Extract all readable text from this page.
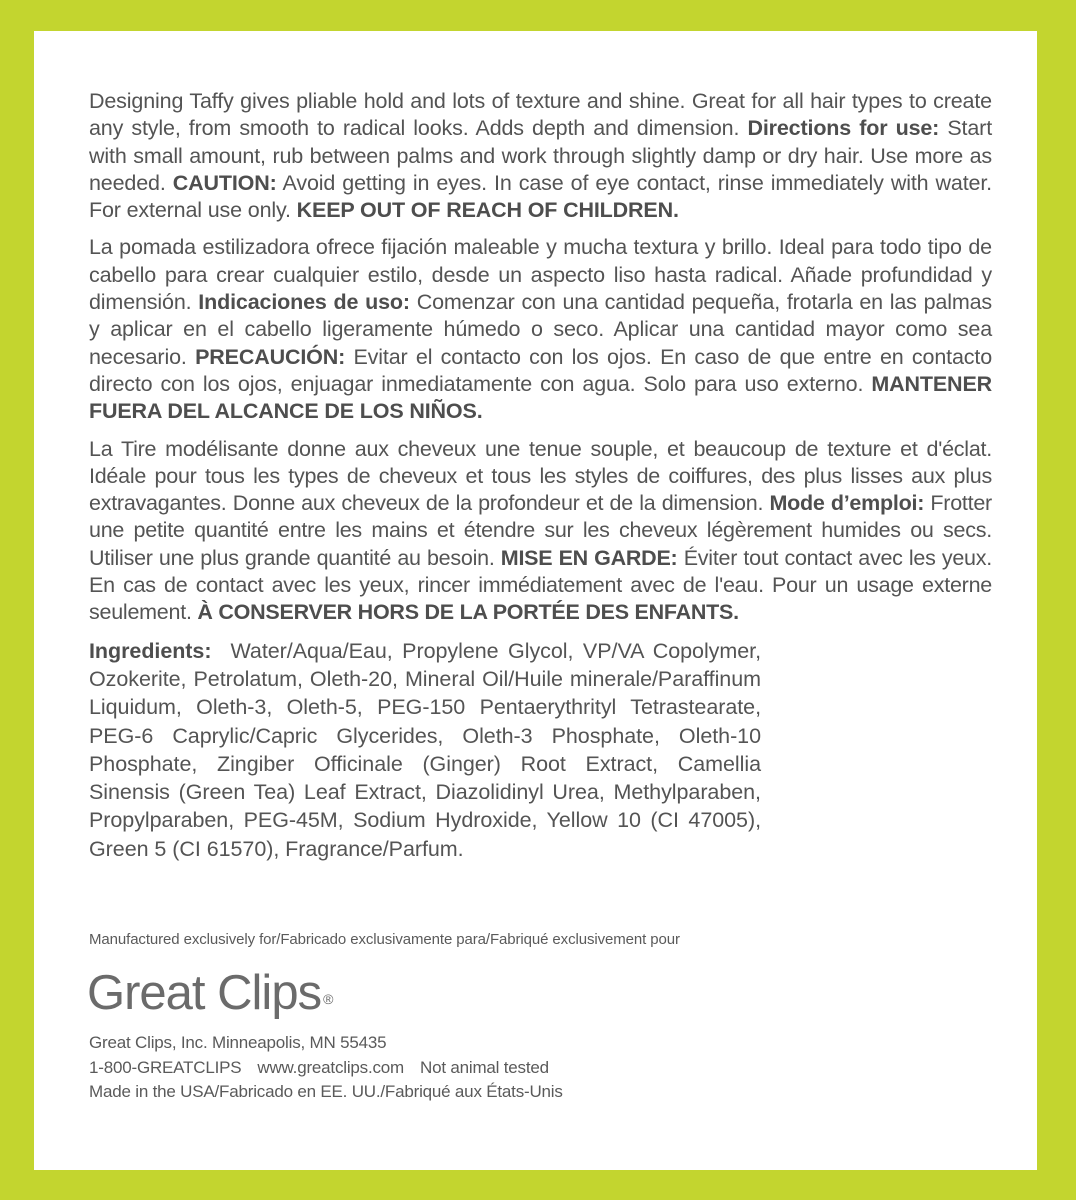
Designing Taffy gives pliable hold and lots of texture and shine. Great for all hair types to create any style, from smooth to radical looks. Adds depth and dimension. Directions for use: Start with small amount, rub between palms and work through slightly damp or dry hair. Use more as needed. CAUTION: Avoid getting in eyes. In case of eye contact, rinse immediately with water. For external use only. KEEP OUT OF REACH OF CHILDREN.

La pomada estilizadora ofrece fijación maleable y mucha textura y brillo. Ideal para todo tipo de cabello para crear cualquier estilo, desde un aspecto liso hasta radical. Añade profundidad y dimensión. Indicaciones de uso: Comenzar con una cantidad pequeña, frotarla en las palmas y aplicar en el cabello ligeramente húmedo o seco. Aplicar una cantidad mayor como sea necesario. PRECAUCIÓN: Evitar el contacto con los ojos. En caso de que entre en contacto directo con los ojos, enjuagar inmediatamente con agua. Solo para uso externo. MANTENER FUERA DEL ALCANCE DE LOS NIÑOS.

La Tire modélisante donne aux cheveux une tenue souple, et beaucoup de texture et d'éclat. Idéale pour tous les types de cheveux et tous les styles de coiffures, des plus lisses aux plus extravagantes. Donne aux cheveux de la profondeur et de la dimension. Mode d’emploi: Frotter une petite quantité entre les mains et étendre sur les cheveux légèrement humides ou secs. Utiliser une plus grande quantité au besoin. MISE EN GARDE: Éviter tout contact avec les yeux. En cas de contact avec les yeux, rincer immédiatement avec de l'eau. Pour un usage externe seulement. À CONSERVER HORS DE LA PORTÉE DES ENFANTS.

Ingredients: Water/Aqua/Eau, Propylene Glycol, VP/VA Copolymer, Ozokerite, Petrolatum, Oleth-20, Mineral Oil/Huile minerale/Paraffinum Liquidum, Oleth-3, Oleth-5, PEG-150 Pentaerythrityl Tetrastearate, PEG-6 Caprylic/Capric Glycerides, Oleth-3 Phosphate, Oleth-10 Phosphate, Zingiber Officinale (Ginger) Root Extract, Camellia Sinensis (Green Tea) Leaf Extract, Diazolidinyl Urea, Methylparaben, Propylparaben, PEG-45M, Sodium Hydroxide, Yellow 10 (CI 47005), Green 5 (CI 61570), Fragrance/Parfum.

Manufactured exclusively for/Fabricado exclusivamente para/Fabriqué exclusivement pour

Great Clips ®
Great Clips, Inc. Minneapolis, MN 55435
1-800-GREATCLIPS www.greatclips.com Not animal tested
Made in the USA/Fabricado en EE. UU./Fabriqué aux États-Unis
